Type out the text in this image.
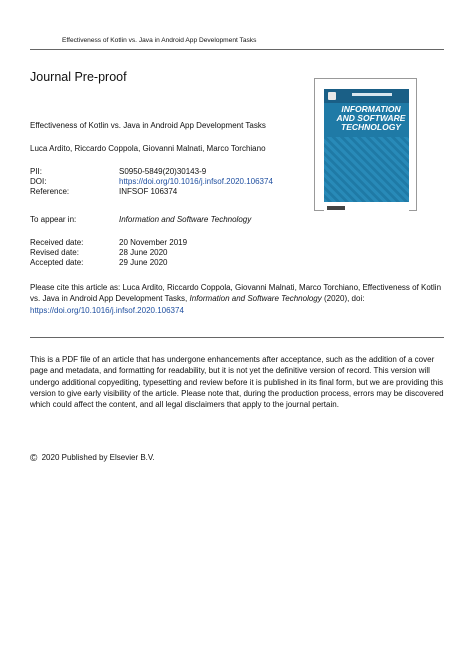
Effectiveness of Kotlin vs. Java in Android App Development Tasks
Journal Pre-proof
INFORMATION AND SOFTWARE TECHNOLOGY
Effectiveness of Kotlin vs. Java in Android App Development Tasks
Luca Ardito, Riccardo Coppola, Giovanni Malnati, Marco Torchiano
PII:	S0950-5849(20)30143-9
DOI:	https://doi.org/10.1016/j.infsof.2020.106374
Reference:	INFSOF 106374
To appear in:	Information and Software Technology
Received date:	20 November 2019
Revised date:	28 June 2020
Accepted date:	29 June 2020
Please cite this article as: Luca Ardito, Riccardo Coppola, Giovanni Malnati, Marco Torchiano, Effectiveness of Kotlin vs. Java in Android App Development Tasks, Information and Software Technology (2020), doi: https://doi.org/10.1016/j.infsof.2020.106374
This is a PDF file of an article that has undergone enhancements after acceptance, such as the addition of a cover page and metadata, and formatting for readability, but it is not yet the definitive version of record. This version will undergo additional copyediting, typesetting and review before it is published in its final form, but we are providing this version to give early visibility of the article. Please note that, during the production process, errors may be discovered which could affect the content, and all legal disclaimers that apply to the journal pertain.
© 2020 Published by Elsevier B.V.
